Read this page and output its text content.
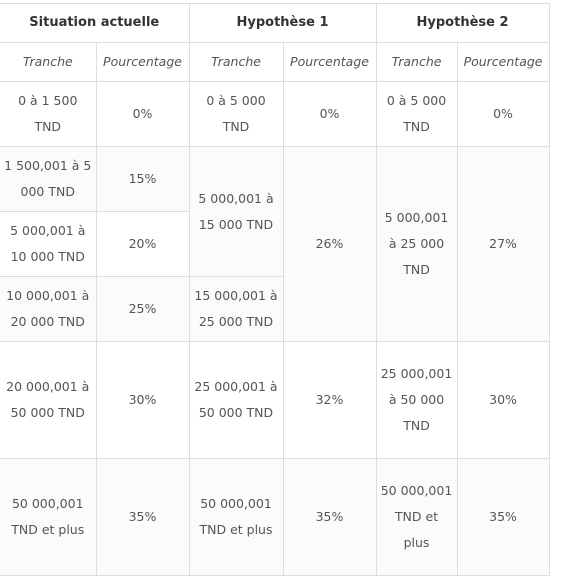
Situation actuelle		Hypothèse 1		Hypothèse 2	
Tranche	Pourcentage	Tranche	Pourcentage	Tranche	Pourcentage
0 à 1 500 TND	0%	0 à 5 000 TND	0%	0 à 5 000 TND	0%
1 500,001 à 5 000 TND	15%	5 000,001 à 15 000 TND	26%	5 000,001 à 25 000 TND	27%
5 000,001 à 10 000 TND	20%				
10 000,001 à 20 000 TND	25%	15 000,001 à 25 000 TND			
20 000,001 à 50 000 TND	30%	25 000,001 à 50 000 TND	32%	25 000,001 à 50 000 TND	30%
50 000,001 TND et plus	35%	50 000,001 TND et plus	35%	50 000,001 TND et plus	35%
